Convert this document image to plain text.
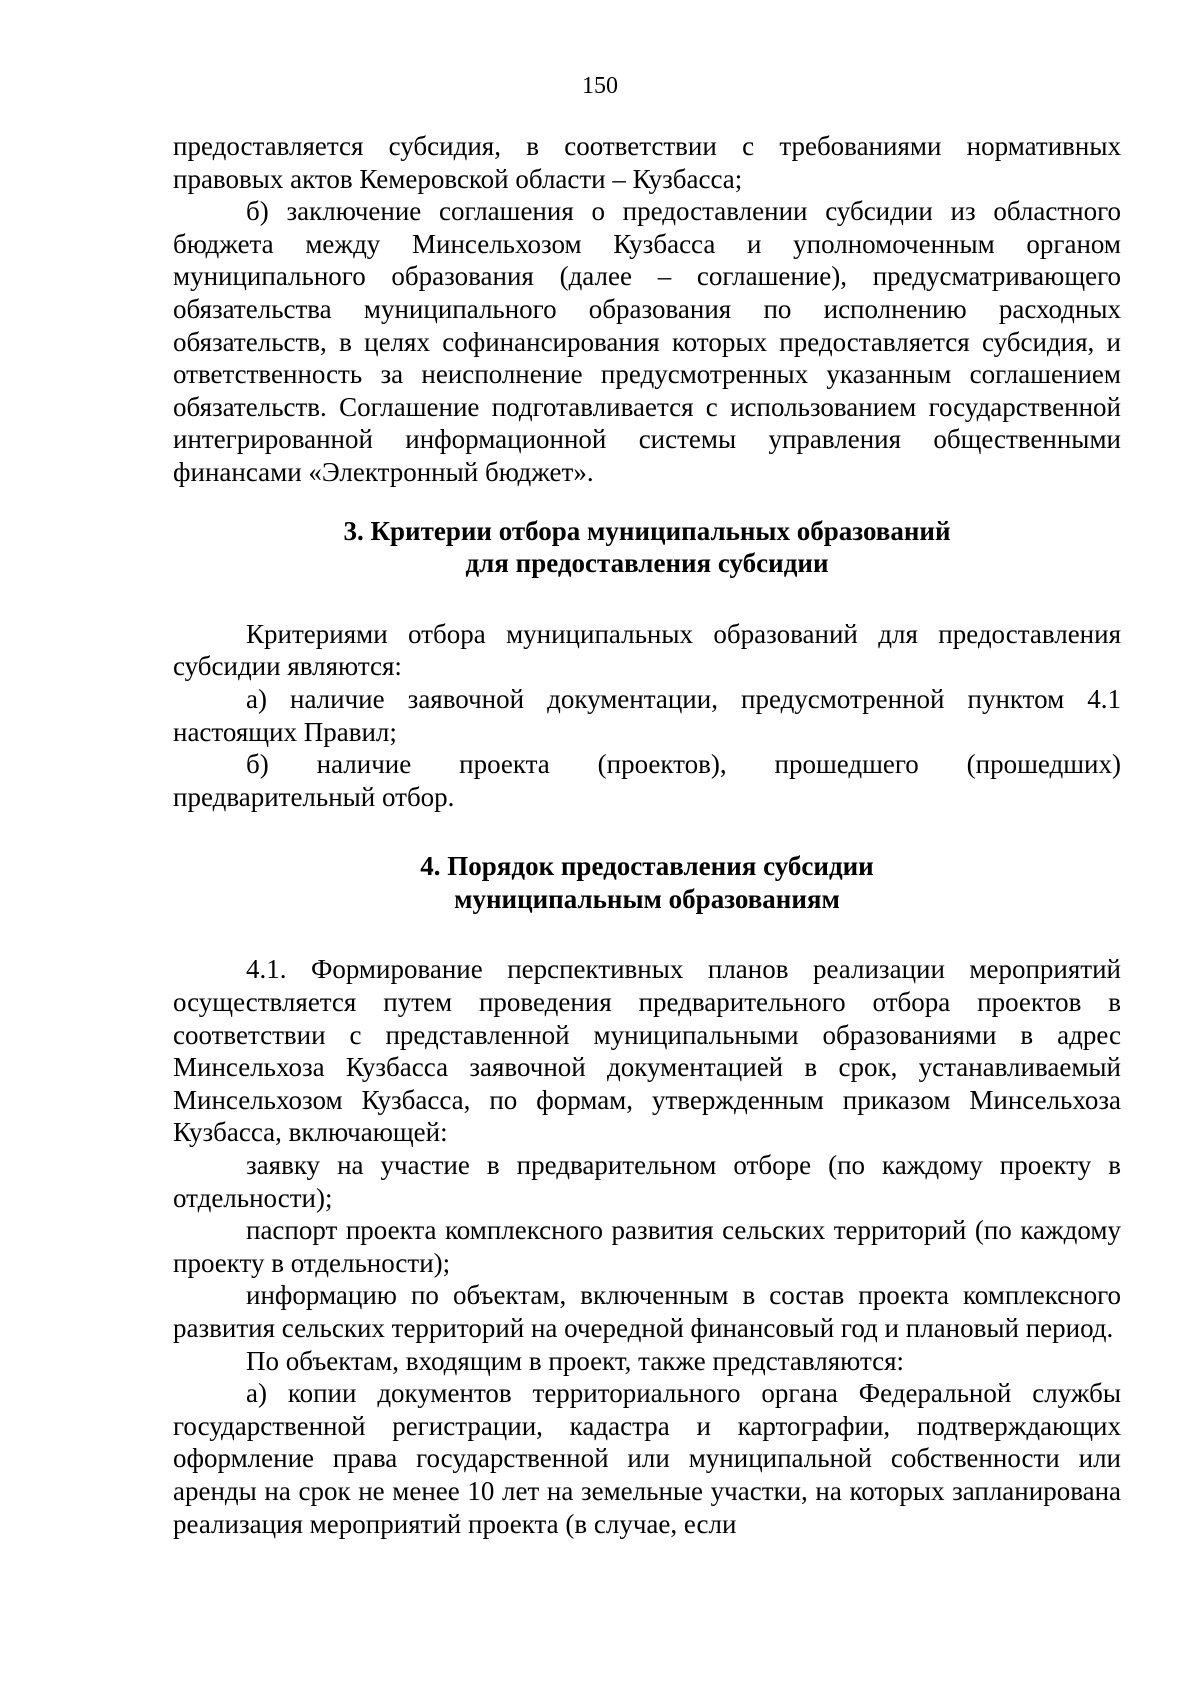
150

предоставляется субсидия, в соответствии с требованиями нормативных правовых актов Кемеровской области – Кузбасса;

б) заключение соглашения о предоставлении субсидии из областного бюджета между Минсельхозом Кузбасса и уполномоченным органом муниципального образования (далее – соглашение), предусматривающего обязательства муниципального образования по исполнению расходных обязательств, в целях софинансирования которых предоставляется субсидия, и ответственность за неисполнение предусмотренных указанным соглашением обязательств. Соглашение подготавливается с использованием государственной интегрированной информационной системы управления общественными финансами «Электронный бюджет».

3. Критерии отбора муниципальных образований
для предоставления субсидии

Критериями отбора муниципальных образований для предоставления субсидии являются:

а) наличие заявочной документации, предусмотренной пунктом 4.1 настоящих Правил;

б) наличие проекта (проектов), прошедшего (прошедших) предварительный отбор.

4. Порядок предоставления субсидии
муниципальным образованиям

4.1. Формирование перспективных планов реализации мероприятий осуществляется путем проведения предварительного отбора проектов в соответствии с представленной муниципальными образованиями в адрес Минсельхоза Кузбасса заявочной документацией в срок, устанавливаемый Минсельхозом Кузбасса, по формам, утвержденным приказом Минсельхоза Кузбасса, включающей:

заявку на участие в предварительном отборе (по каждому проекту в отдельности);

паспорт проекта комплексного развития сельских территорий (по каждому проекту в отдельности);

информацию по объектам, включенным в состав проекта комплексного развития сельских территорий на очередной финансовый год и плановый период.

По объектам, входящим в проект, также представляются:

а) копии документов территориального органа Федеральной службы государственной регистрации, кадастра и картографии, подтверждающих оформление права государственной или муниципальной собственности или аренды на срок не менее 10 лет на земельные участки, на которых запланирована реализация мероприятий проекта (в случае, если
